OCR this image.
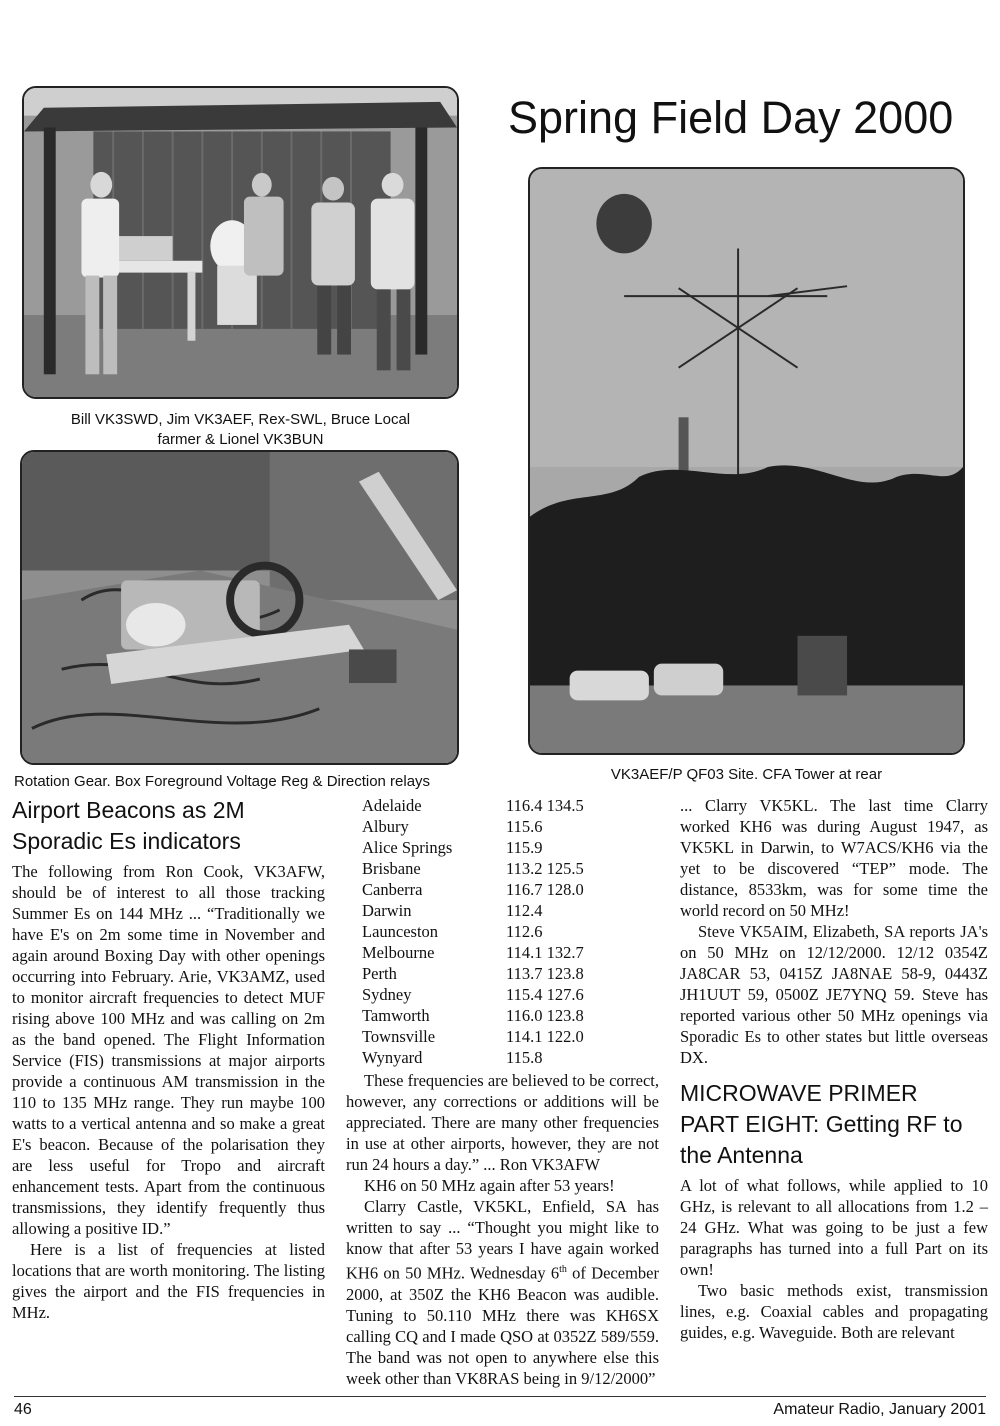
Bill VK3SWD, Jim VK3AEF, Rex-SWL, Bruce Local
farmer & Lionel VK3BUN
Rotation Gear. Box Foreground Voltage Reg & Direction relays
Spring Field Day 2000
VK3AEF/P QF03 Site. CFA Tower at rear
Airport Beacons as 2M
Sporadic Es indicators

The following from Ron Cook, VK3AFW, should be of interest to all those tracking Summer Es on 144 MHz ... “Traditionally we have E's on 2m some time in November and again around Boxing Day with other openings occurring into February. Arie, VK3AMZ, used to monitor aircraft frequencies to detect MUF rising above 100 MHz and was calling on 2m as the band opened. The Flight Information Service (FIS) transmissions at major airports provide a continuous AM transmission in the 110 to 135 MHz range. They run maybe 100 watts to a vertical antenna and so make a great E's beacon. Because of the polarisation they are less useful for Tropo and aircraft enhancement tests. Apart from the continuous transmissions, they identify frequently thus allowing a positive ID.”

Here is a list of frequencies at listed locations that are worth monitoring. The listing gives the airport and the FIS frequencies in MHz.

Adelaide	116.4 134.5
Albury	115.6
Alice Springs	115.9
Brisbane	113.2 125.5
Canberra	116.7 128.0
Darwin	112.4
Launceston	112.6
Melbourne	114.1 132.7
Perth	113.7 123.8
Sydney	115.4 127.6
Tamworth	116.0 123.8
Townsville	114.1 122.0
Wynyard	115.8

These frequencies are believed to be correct, however, any corrections or additions will be appreciated. There are many other frequencies in use at other airports, however, they are not run 24 hours a day.” ... Ron VK3AFW

KH6 on 50 MHz again after 53 years!

Clarry Castle, VK5KL, Enfield, SA has written to say ... “Thought you might like to know that after 53 years I have again worked KH6 on 50 MHz. Wednesday 6th of December 2000, at 350Z the KH6 Beacon was audible. Tuning to 50.110 MHz there was KH6SX calling CQ and I made QSO at 0352Z 589/559. The band was not open to anywhere else this week other than VK8RAS being in 9/12/2000”

... Clarry VK5KL. The last time Clarry worked KH6 was during August 1947, as VK5KL in Darwin, to W7ACS/KH6 via the yet to be discovered “TEP” mode. The distance, 8533km, was for some time the world record on 50 MHz!

Steve VK5AIM, Elizabeth, SA reports JA's on 50 MHz on 12/12/2000. 12/12 0354Z JA8CAR 53, 0415Z JA8NAE 58-9, 0443Z JH1UUT 59, 0500Z JE7YNQ 59. Steve has reported various other 50 MHz openings via Sporadic Es to other states but little overseas DX.

MICROWAVE PRIMER
PART EIGHT: Getting RF to
the Antenna

A lot of what follows, while applied to 10 GHz, is relevant to all allocations from 1.2 – 24 GHz. What was going to be just a few paragraphs has turned into a full Part on its own!

Two basic methods exist, transmission lines, e.g. Coaxial cables and propagating guides, e.g. Waveguide. Both are relevant

46	Amateur Radio, January 2001
